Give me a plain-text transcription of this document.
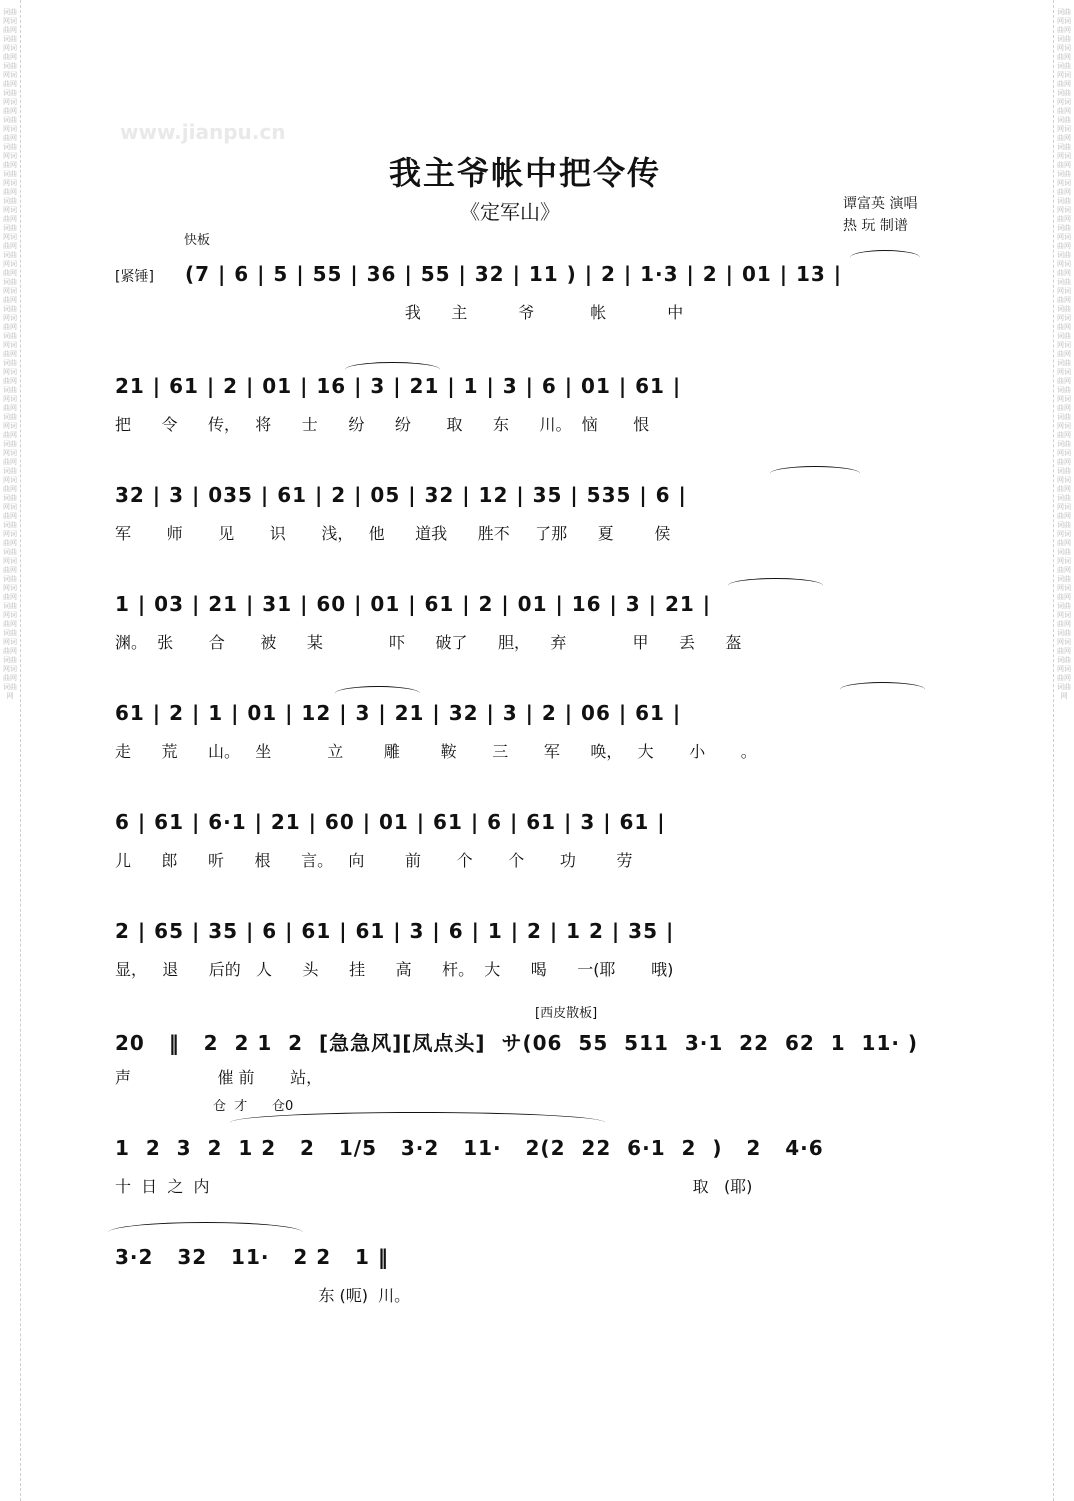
词曲网词曲网词曲网词曲网词曲网词曲网词曲网词曲网词曲网词曲网词曲网词曲网词曲网词曲网词曲网词曲网词曲网词曲网词曲网词曲网词曲网词曲网词曲网词曲网词曲网词曲网词曲网词曲网词曲网词曲网词曲网词曲网词曲网词曲网词曲网词曲网词曲网词曲网词曲网词曲网词曲网词曲网词曲网词曲网词曲网词曲网词曲网词曲网词曲网词曲网词曲网
词曲网词曲网词曲网词曲网词曲网词曲网词曲网词曲网词曲网词曲网词曲网词曲网词曲网词曲网词曲网词曲网词曲网词曲网词曲网词曲网词曲网词曲网词曲网词曲网词曲网词曲网词曲网词曲网词曲网词曲网词曲网词曲网词曲网词曲网词曲网词曲网词曲网词曲网词曲网词曲网词曲网词曲网词曲网词曲网词曲网词曲网词曲网词曲网词曲网词曲网词曲网
www.jianpu.cn
我主爷帐中把令传
《定军山》	谭富英 演唱
热 玩 制谱
快板
[紧锤] (7 | 6 | 5 | 55 | 36 | 55 | 32 | 11 ) | 2 | 1·3 | 2 | 01 | 13 |
我      主          爷           帐            中
21 | 61 | 2 | 01 | 16 | 3 | 21 | 1 | 3 | 6 | 01 | 61 |
把      令      传，   将      士      纷      纷       取      东      川。  恼       恨
32 | 3 | 035 | 61 | 2 | 05 | 32 | 12 | 35 | 535 | 6 |
军       师       见       识       浅，   他      道我      胜不     了那      夏        侯
1 | 03 | 21 | 31 | 60 | 01 | 61 | 2 | 01 | 16 | 3 | 21 |
渊。  张       合       被      某             吓      破了      胆，    弃             甲      丢      盔
61 | 2 | 1 | 01 | 12 | 3 | 21 | 32 | 3 | 2 | 06 | 61 |
走      荒      山。   坐           立        雕        鞍       三       军      唤，   大       小       。
6 | 61 | 6·1 | 21 | 60 | 01 | 61 | 6 | 61 | 3 | 61 |
儿      郎      听      根      言。   向        前       个       个       功        劳
2 | 65 | 35 | 6 | 61 | 61 | 3 | 6 | 1 | 2 | 1 2 | 35 |
显，   退      后的   人      头      挂      高      杆。  大      喝      一(耶       哦)
[西皮散板]
20   ‖   2  2 1  2  [急急风][凤点头]  サ(06  55  511  3·1  22  62  1  11· )
声                 催 前       站，
仓  才      仓0
1  2  3  2  1 2   2   1/5   3·2   11·   2(2  22  6·1  2  )   2   4·6
十  日  之  内                                                                                               取   (耶)
3·2   32   11·   2 2   1 ‖
东 (呃)  川。
